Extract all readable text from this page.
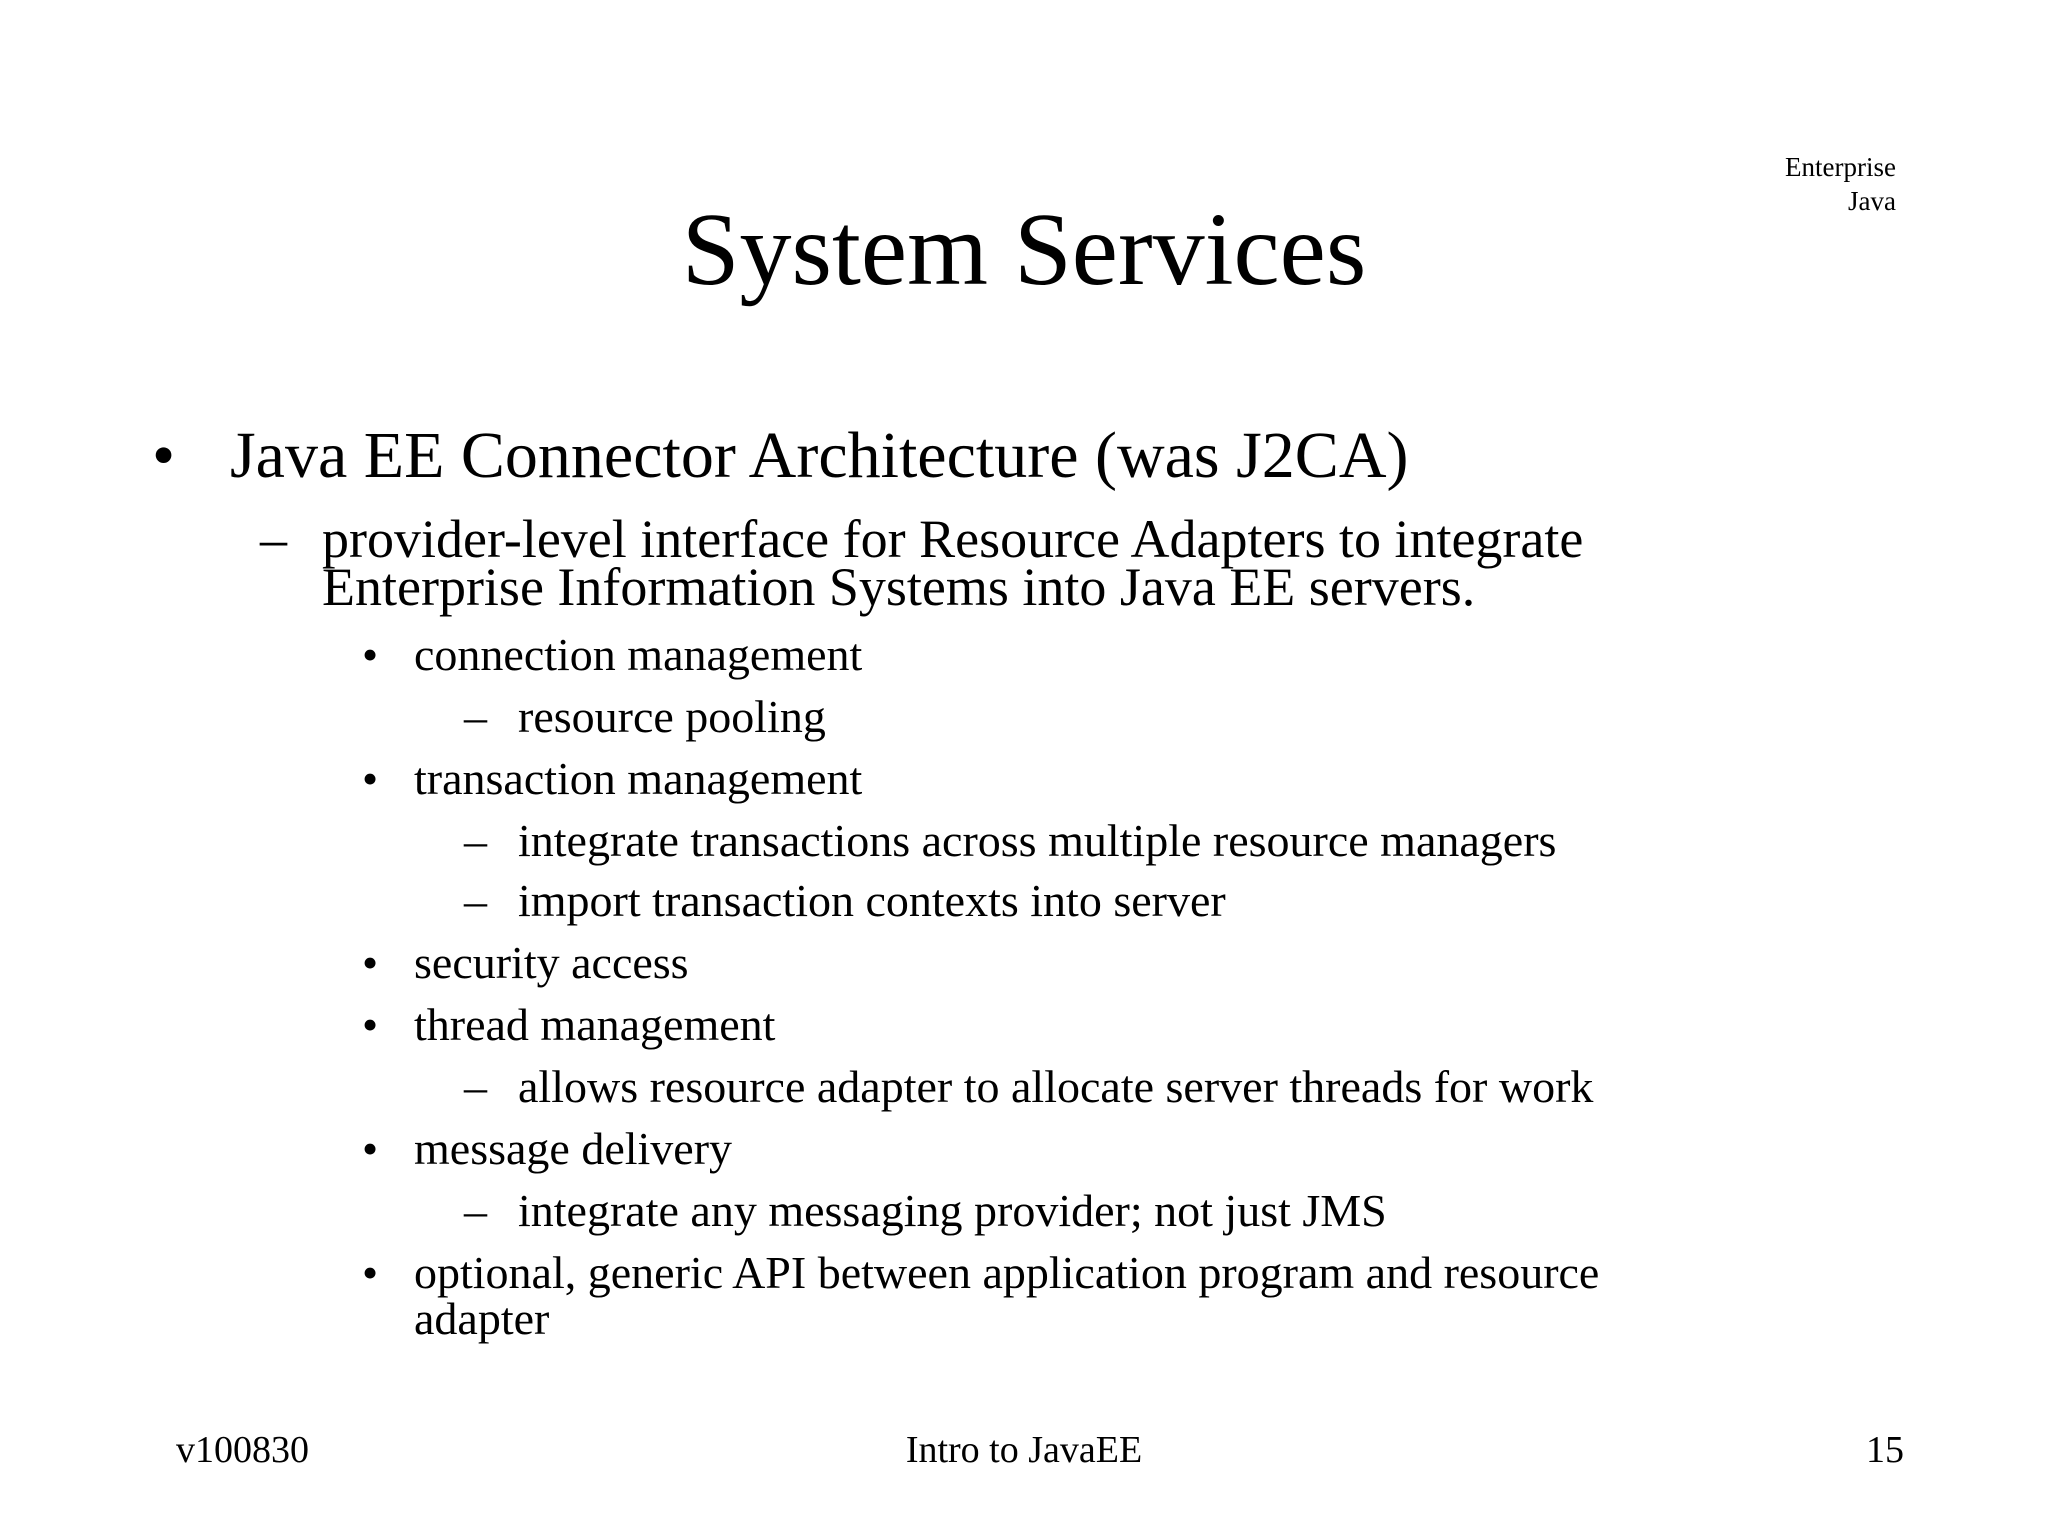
Enterprise
Java
System Services
• Java EE Connector Architecture (was J2CA)
– provider-level interface for Resource Adapters to integrate
Enterprise Information Systems into Java EE servers.
• connection management
– resource pooling
• transaction management
– integrate transactions across multiple resource managers
– import transaction contexts into server
• security access
• thread management
– allows resource adapter to allocate server threads for work
• message delivery
– integrate any messaging provider; not just JMS
• optional, generic API between application program and resource
adapter
v100830	Intro to JavaEE	15
